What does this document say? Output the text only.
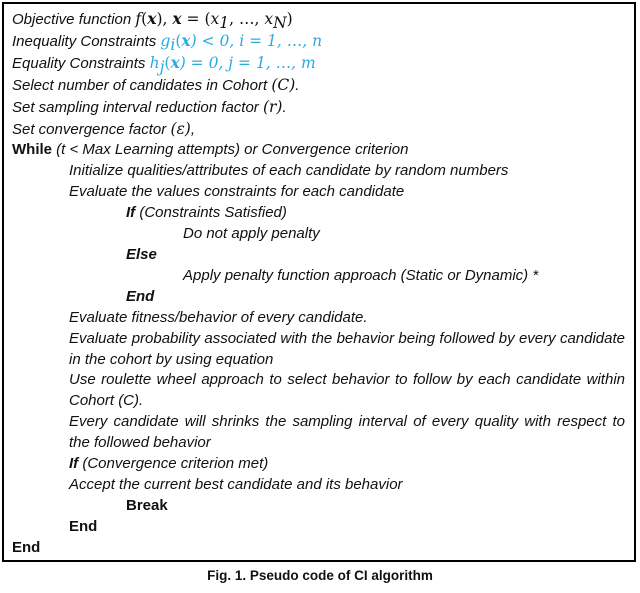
Objective function f(x), $x = (x_1$, …, $x_N$)
Inequality Constraints $g_i(x) < 0$, i = 1, …, n
Equality Constraints $h_j(x) = 0$, j = 1, …, m
Select number of candidates in Cohort (C).
Set sampling interval reduction factor (r).
Set convergence factor (ε),
While (t < Max Learning attempts) or Convergence criterion
Initialize qualities/attributes of each candidate by random numbers
Evaluate the values constraints for each candidate
If (Constraints Satisfied)
Do not apply penalty
Else
Apply penalty function approach (Static or Dynamic) *
End
Evaluate fitness/behavior of every candidate.
Evaluate probability associated with the behavior being followed by every candidate in the cohort by using equation
Use roulette wheel approach to select behavior to follow by each candidate within Cohort (C).
Every candidate will shrinks the sampling interval of every quality with respect to the followed behavior
If (Convergence criterion met)
Accept the current best candidate and its behavior
Break
End
End
Fig. 1. Pseudo code of CI algorithm
